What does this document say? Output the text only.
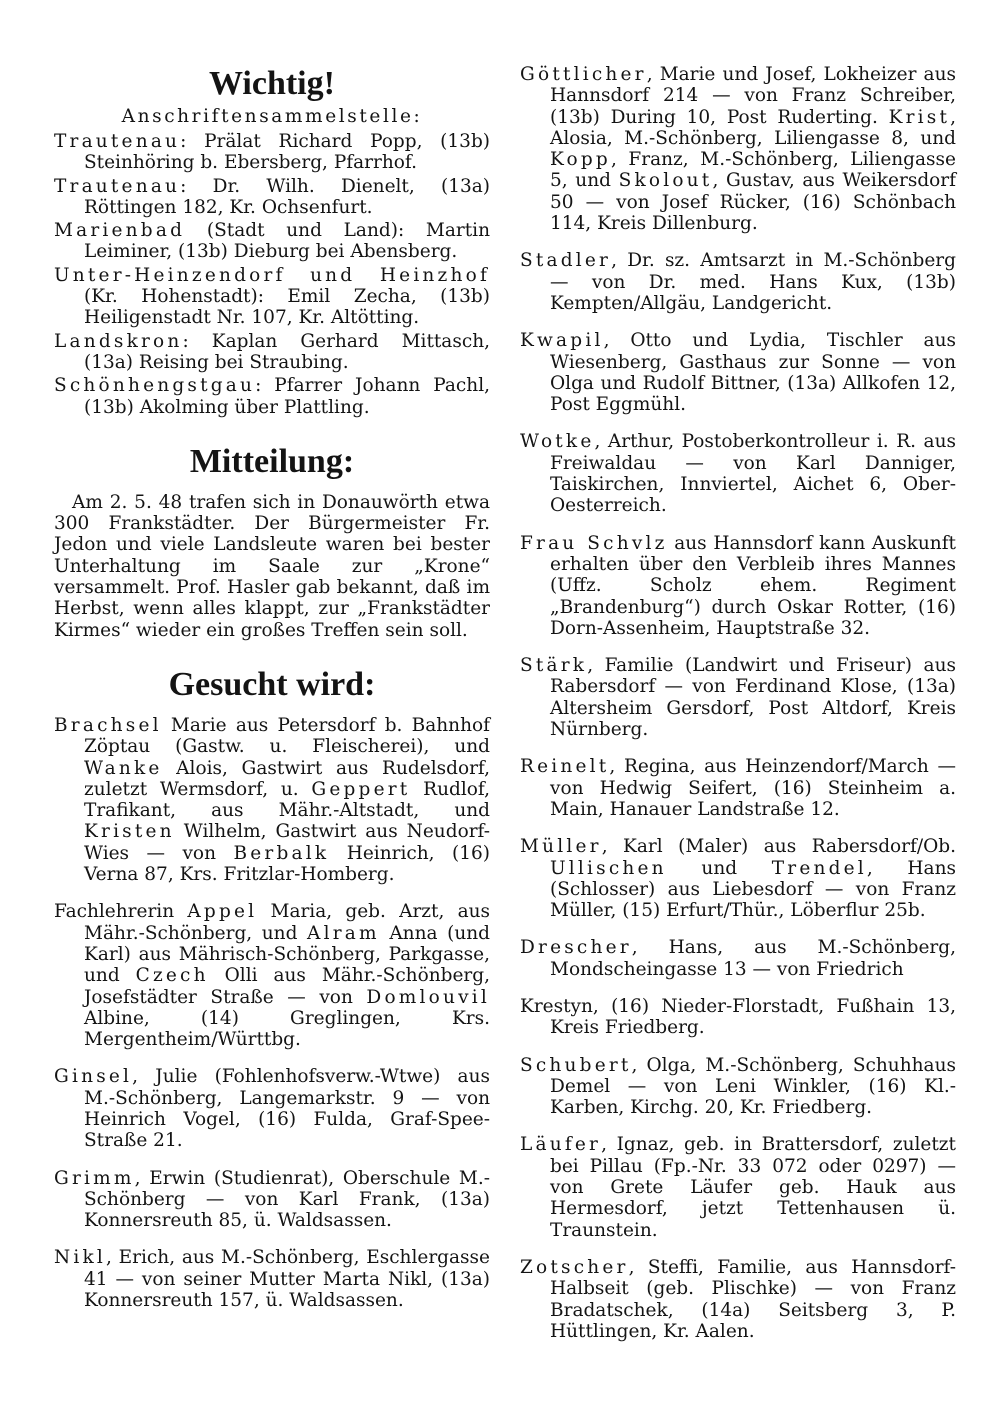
Wichtig!

Anschriftensammelstelle:

Trautenau: Prälat Richard Popp, (13b) Steinhöring b. Ebersberg, Pfarrhof.

Trautenau: Dr. Wilh. Dienelt, (13a) Röttingen 182, Kr. Ochsenfurt.

Marienbad (Stadt und Land): Martin Leiminer, (13b) Dieburg bei Abensberg.

Unter-Heinzendorf und Heinzhof (Kr. Hohenstadt): Emil Zecha, (13b) Heiligenstadt Nr. 107, Kr. Altötting.

Landskron: Kaplan Gerhard Mittasch, (13a) Reising bei Straubing.

Schönhengstgau: Pfarrer Johann Pachl, (13b) Akolming über Plattling.

Mitteilung:

Am 2. 5. 48 trafen sich in Donauwörth etwa 300 Frankstädter. Der Bürgermeister Fr. Jedon und viele Landsleute waren bei bester Unterhaltung im Saale zur „Krone“ versammelt. Prof. Hasler gab bekannt, daß im Herbst, wenn alles klappt, zur „Frankstädter Kirmes“ wieder ein großes Treffen sein soll.

Gesucht wird:

Brachsel Marie aus Petersdorf b. Bahnhof Zöptau (Gastw. u. Fleischerei), und Wanke Alois, Gastwirt aus Rudelsdorf, zuletzt Wermsdorf, u. Geppert Rudlof, Trafikant, aus Mähr.-Altstadt, und Kristen Wilhelm, Gastwirt aus Neudorf-Wies — von Berbalk Heinrich, (16) Verna 87, Krs. Fritzlar-Homberg.

Fachlehrerin Appel Maria, geb. Arzt, aus Mähr.-Schönberg, und Alram Anna (und Karl) aus Mährisch-Schönberg, Parkgasse, und Czech Olli aus Mähr.-Schönberg, Josefstädter Straße — von Domlouvil Albine, (14) Greglingen, Krs. Mergentheim/Württbg.

Ginsel, Julie (Fohlenhofsverw.-Wtwe) aus M.-Schönberg, Langemarkstr. 9 — von Heinrich Vogel, (16) Fulda, Graf-Spee-Straße 21.

Grimm, Erwin (Studienrat), Oberschule M.-Schönberg — von Karl Frank, (13a) Konnersreuth 85, ü. Waldsassen.

Nikl, Erich, aus M.-Schönberg, Eschlergasse 41 — von seiner Mutter Marta Nikl, (13a) Konnersreuth 157, ü. Waldsassen.

Göttlicher, Marie und Josef, Lokheizer aus Hannsdorf 214 — von Franz Schreiber, (13b) During 10, Post Ruderting. Krist, Alosia, M.-Schönberg, Liliengasse 8, und Kopp, Franz, M.-Schönberg, Liliengasse 5, und Skolout, Gustav, aus Weikersdorf 50 — von Josef Rücker, (16) Schönbach 114, Kreis Dillenburg.

Stadler, Dr. sz. Amtsarzt in M.-Schönberg — von Dr. med. Hans Kux, (13b) Kempten/Allgäu, Landgericht.

Kwapil, Otto und Lydia, Tischler aus Wiesenberg, Gasthaus zur Sonne — von Olga und Rudolf Bittner, (13a) Allkofen 12, Post Eggmühl.

Wotke, Arthur, Postoberkontrolleur i. R. aus Freiwaldau — von Karl Danniger, Taiskirchen, Innviertel, Aichet 6, Ober-Oesterreich.

Frau Schvlz aus Hannsdorf kann Auskunft erhalten über den Verbleib ihres Mannes (Uffz. Scholz ehem. Regiment „Brandenburg“) durch Oskar Rotter, (16) Dorn-Assenheim, Hauptstraße 32.

Stärk, Familie (Landwirt und Friseur) aus Rabersdorf — von Ferdinand Klose, (13a) Altersheim Gersdorf, Post Altdorf, Kreis Nürnberg.

Reinelt, Regina, aus Heinzendorf/March — von Hedwig Seifert, (16) Steinheim a. Main, Hanauer Landstraße 12.

Müller, Karl (Maler) aus Rabersdorf/Ob. Ullischen und Trendel, Hans (Schlosser) aus Liebesdorf — von Franz Müller, (15) Erfurt/Thür., Löberflur 25b.

Drescher, Hans, aus M.-Schönberg, Mondscheingasse 13 — von Friedrich

Krestyn, (16) Nieder-Florstadt, Fußhain 13, Kreis Friedberg.

Schubert, Olga, M.-Schönberg, Schuhhaus Demel — von Leni Winkler, (16) Kl.-Karben, Kirchg. 20, Kr. Friedberg.

Läufer, Ignaz, geb. in Brattersdorf, zuletzt bei Pillau (Fp.-Nr. 33 072 oder 0297) — von Grete Läufer geb. Hauk aus Hermesdorf, jetzt Tettenhausen ü. Traunstein.

Zotscher, Steffi, Familie, aus Hannsdorf-Halbseit (geb. Plischke) — von Franz Bradatschek, (14a) Seitsberg 3, P. Hüttlingen, Kr. Aalen.
